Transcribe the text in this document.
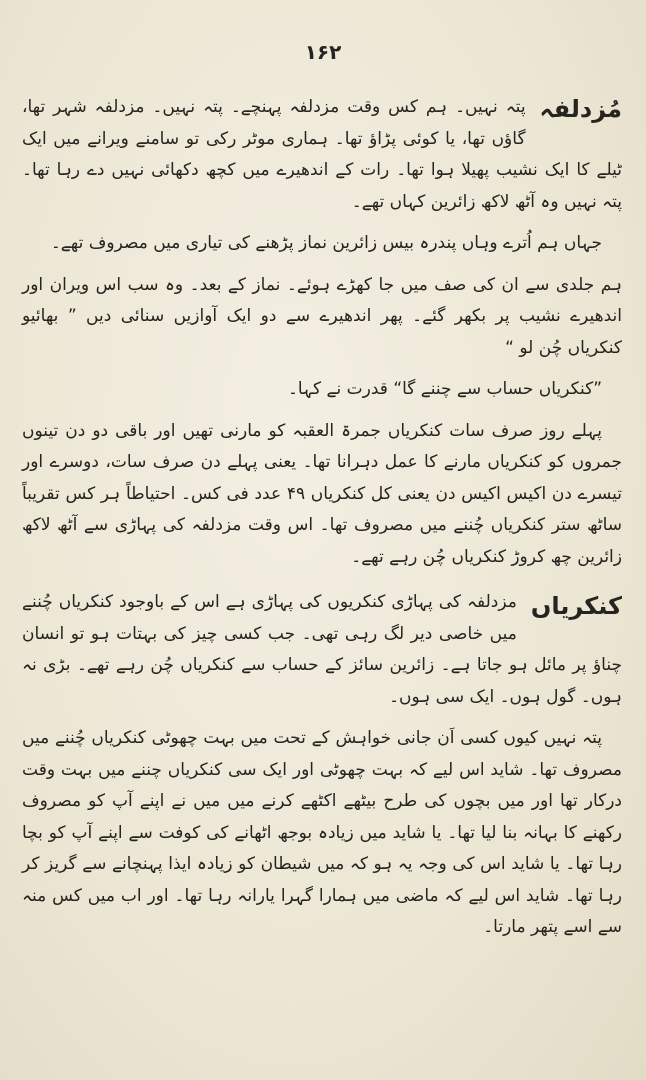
۱۶۲

مُزدلفہ
پتہ نہیں۔ ہم کس وقت مزدلفہ پہنچے۔ پتہ نہیں۔ مزدلفہ شہر تھا، گاؤں تھا، یا کوئی پڑاؤ تھا۔ ہماری موٹر رکی تو سامنے ویرانے میں ایک ٹیلے کا ایک نشیب پھیلا ہوا تھا۔ رات کے اندھیرے میں کچھ دکھائی نہیں دے رہا تھا۔ پتہ نہیں وہ آٹھ لاکھ زائرین کہاں تھے۔

جہاں ہم اُترے وہاں پندرہ بیس زائرین نماز پڑھنے کی تیاری میں مصروف تھے۔

ہم جلدی سے ان کی صف میں جا کھڑے ہوئے۔ نماز کے بعد۔ وہ سب اس ویران اور اندھیرے نشیب پر بکھر گئے۔ پھر اندھیرے سے دو ایک آوازیں سنائی دیں ” بھائیو کنکریاں چُن لو “

”کنکریاں حساب سے چننے گا“ قدرت نے کہا۔

پہلے روز صرف سات کنکریاں جمرۃ العقبہ کو مارنی تھیں اور باقی دو دن تینوں جمروں کو کنکریاں مارنے کا عمل دہرانا تھا۔ یعنی پہلے دن صرف سات، دوسرے اور تیسرے دن اکیس اکیس دن یعنی کل کنکریاں ۴۹ عدد فی کس۔ احتیاطاً ہر کس تقریباً ساٹھ ستر کنکریاں چُننے میں مصروف تھا۔ اس وقت مزدلفہ کی پہاڑی سے آٹھ لاکھ زائرین چھ کروڑ کنکریاں چُن رہے تھے۔

کنکریاں
مزدلفہ کی پہاڑی کنکریوں کی پہاڑی ہے اس کے باوجود کنکریاں چُننے میں خاصی دیر لگ رہی تھی۔ جب کسی چیز کی بہتات ہو تو انسان چناؤ پر مائل ہو جاتا ہے۔ زائرین سائز کے حساب سے کنکریاں چُن رہے تھے۔ بڑی نہ ہوں۔ گول ہوں۔ ایک سی ہوں۔

پتہ نہیں کیوں کسی اَن جانی خواہش کے تحت میں بہت چھوٹی کنکریاں چُننے میں مصروف تھا۔ شاید اس لیے کہ بہت چھوٹی اور ایک سی کنکریاں چننے میں بہت وقت درکار تھا اور میں بچوں کی طرح بیٹھے اکٹھے کرنے میں میں نے اپنے آپ کو مصروف رکھنے کا بہانہ بنا لیا تھا۔ یا شاید میں زیادہ بوجھ اٹھانے کی کوفت سے اپنے آپ کو بچا رہا تھا۔ یا شاید اس کی وجہ یہ ہو کہ میں شیطان کو زیادہ ایذا پہنچانے سے گریز کر رہا تھا۔ شاید اس لیے کہ ماضی میں ہمارا گہرا یارانہ رہا تھا۔ اور اب میں کس منہ سے اسے پتھر مارتا۔
